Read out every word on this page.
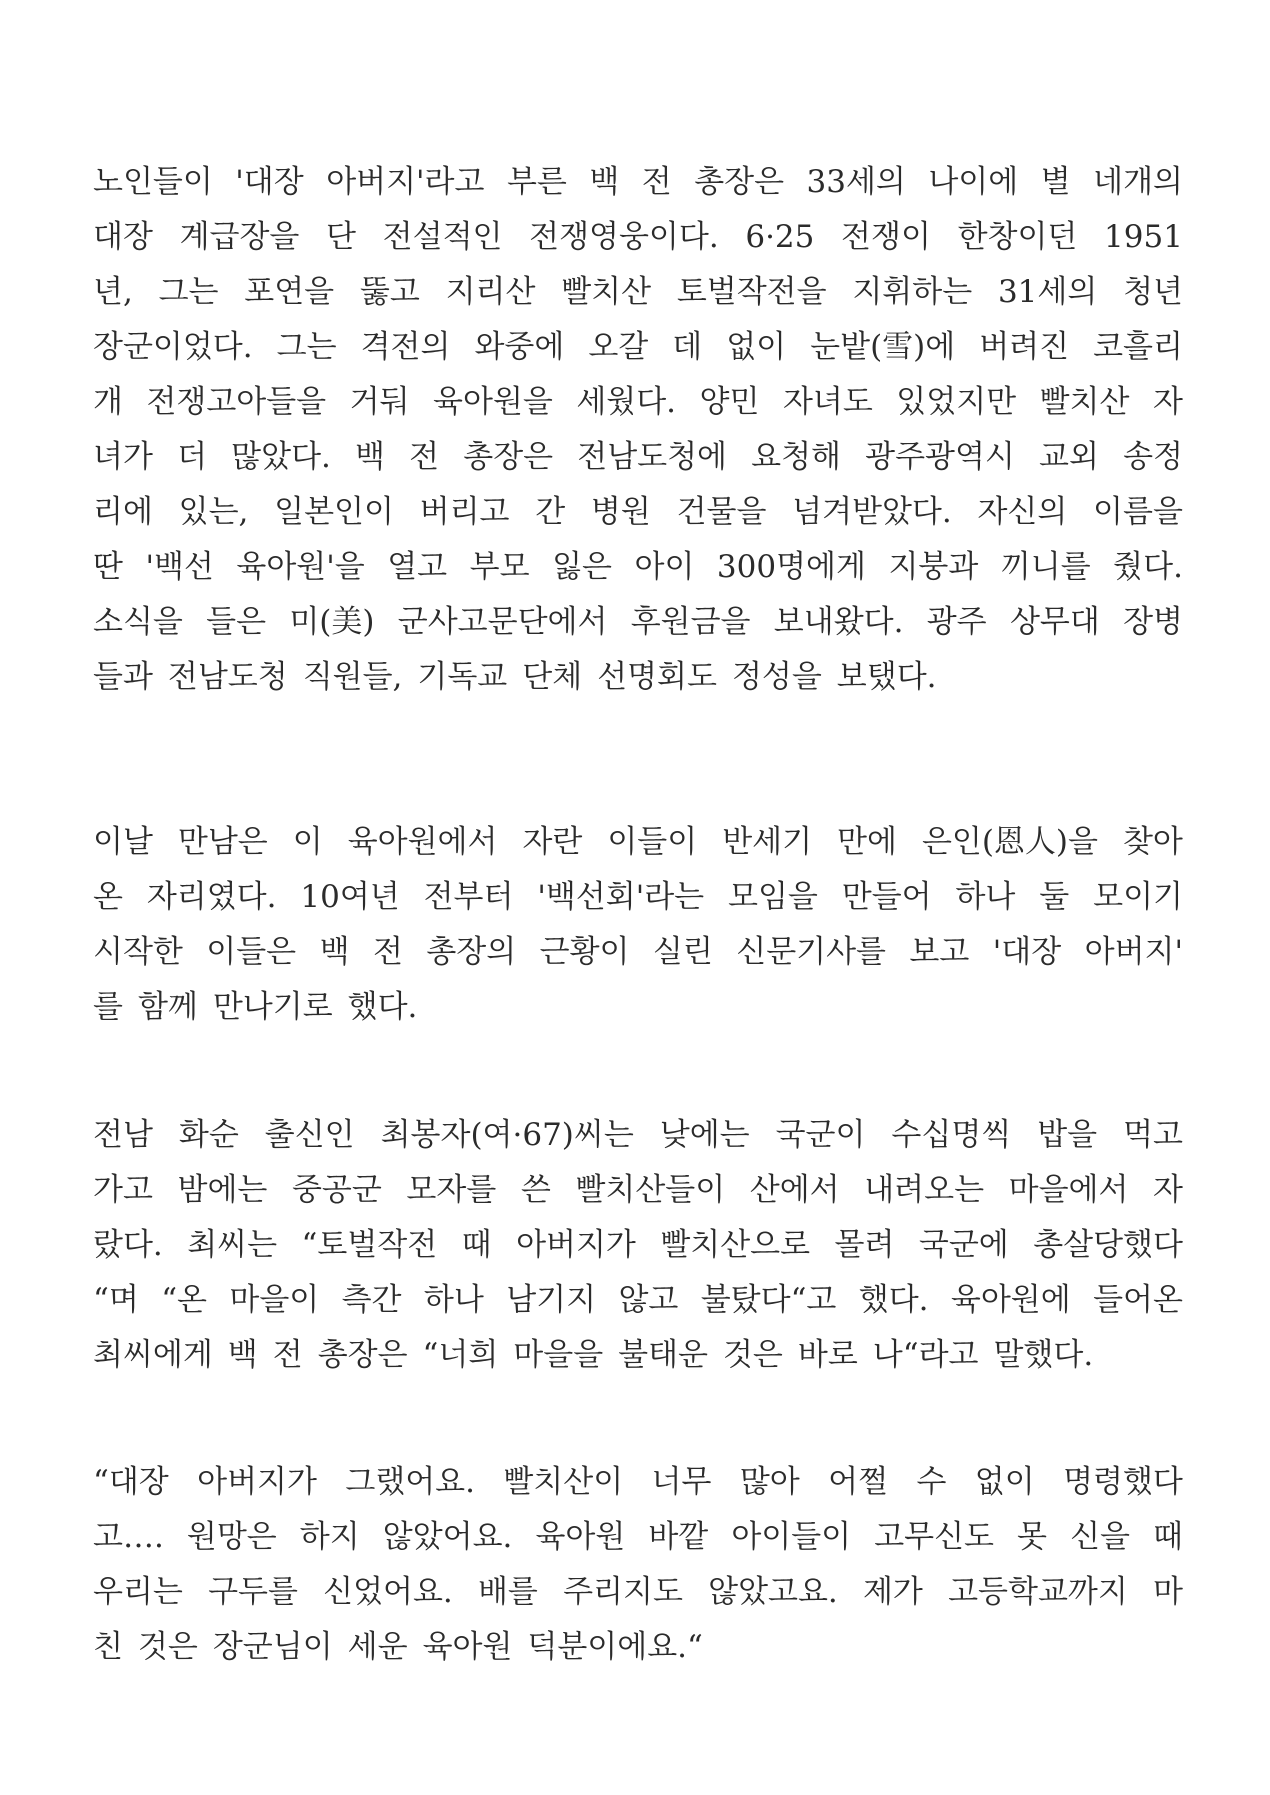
노인들이 '대장 아버지'라고 부른 백 전 총장은 33세의 나이에 별 네개의
대장 계급장을 단 전설적인 전쟁영웅이다. 6·25 전쟁이 한창이던 1951
년, 그는 포연을 뚫고 지리산 빨치산 토벌작전을 지휘하는 31세의 청년
장군이었다. 그는 격전의 와중에 오갈 데 없이 눈밭(雪)에 버려진 코흘리
개 전쟁고아들을 거둬 육아원을 세웠다. 양민 자녀도 있었지만 빨치산 자
녀가 더 많았다. 백 전 총장은 전남도청에 요청해 광주광역시 교외 송정
리에 있는, 일본인이 버리고 간 병원 건물을 넘겨받았다. 자신의 이름을
딴 '백선 육아원'을 열고 부모 잃은 아이 300명에게 지붕과 끼니를 줬다.
소식을 들은 미(美) 군사고문단에서 후원금을 보내왔다. 광주 상무대 장병
들과 전남도청 직원들, 기독교 단체 선명회도 정성을 보탰다.
이날 만남은 이 육아원에서 자란 이들이 반세기 만에 은인(恩人)을 찾아
온 자리였다. 10여년 전부터 '백선회'라는 모임을 만들어 하나 둘 모이기
시작한 이들은 백 전 총장의 근황이 실린 신문기사를 보고 '대장 아버지'
를 함께 만나기로 했다.
전남 화순 출신인 최봉자(여·67)씨는 낮에는 국군이 수십명씩 밥을 먹고
가고 밤에는 중공군 모자를 쓴 빨치산들이 산에서 내려오는 마을에서 자
랐다. 최씨는 “토벌작전 때 아버지가 빨치산으로 몰려 국군에 총살당했다
“며 “온 마을이 측간 하나 남기지 않고 불탔다“고 했다. 육아원에 들어온
최씨에게 백 전 총장은 “너희 마을을 불태운 것은 바로 나“라고 말했다.
“대장 아버지가 그랬어요. 빨치산이 너무 많아 어쩔 수 없이 명령했다
고…. 원망은 하지 않았어요. 육아원 바깥 아이들이 고무신도 못 신을 때
우리는 구두를 신었어요. 배를 주리지도 않았고요. 제가 고등학교까지 마
친 것은 장군님이 세운 육아원 덕분이에요.“
